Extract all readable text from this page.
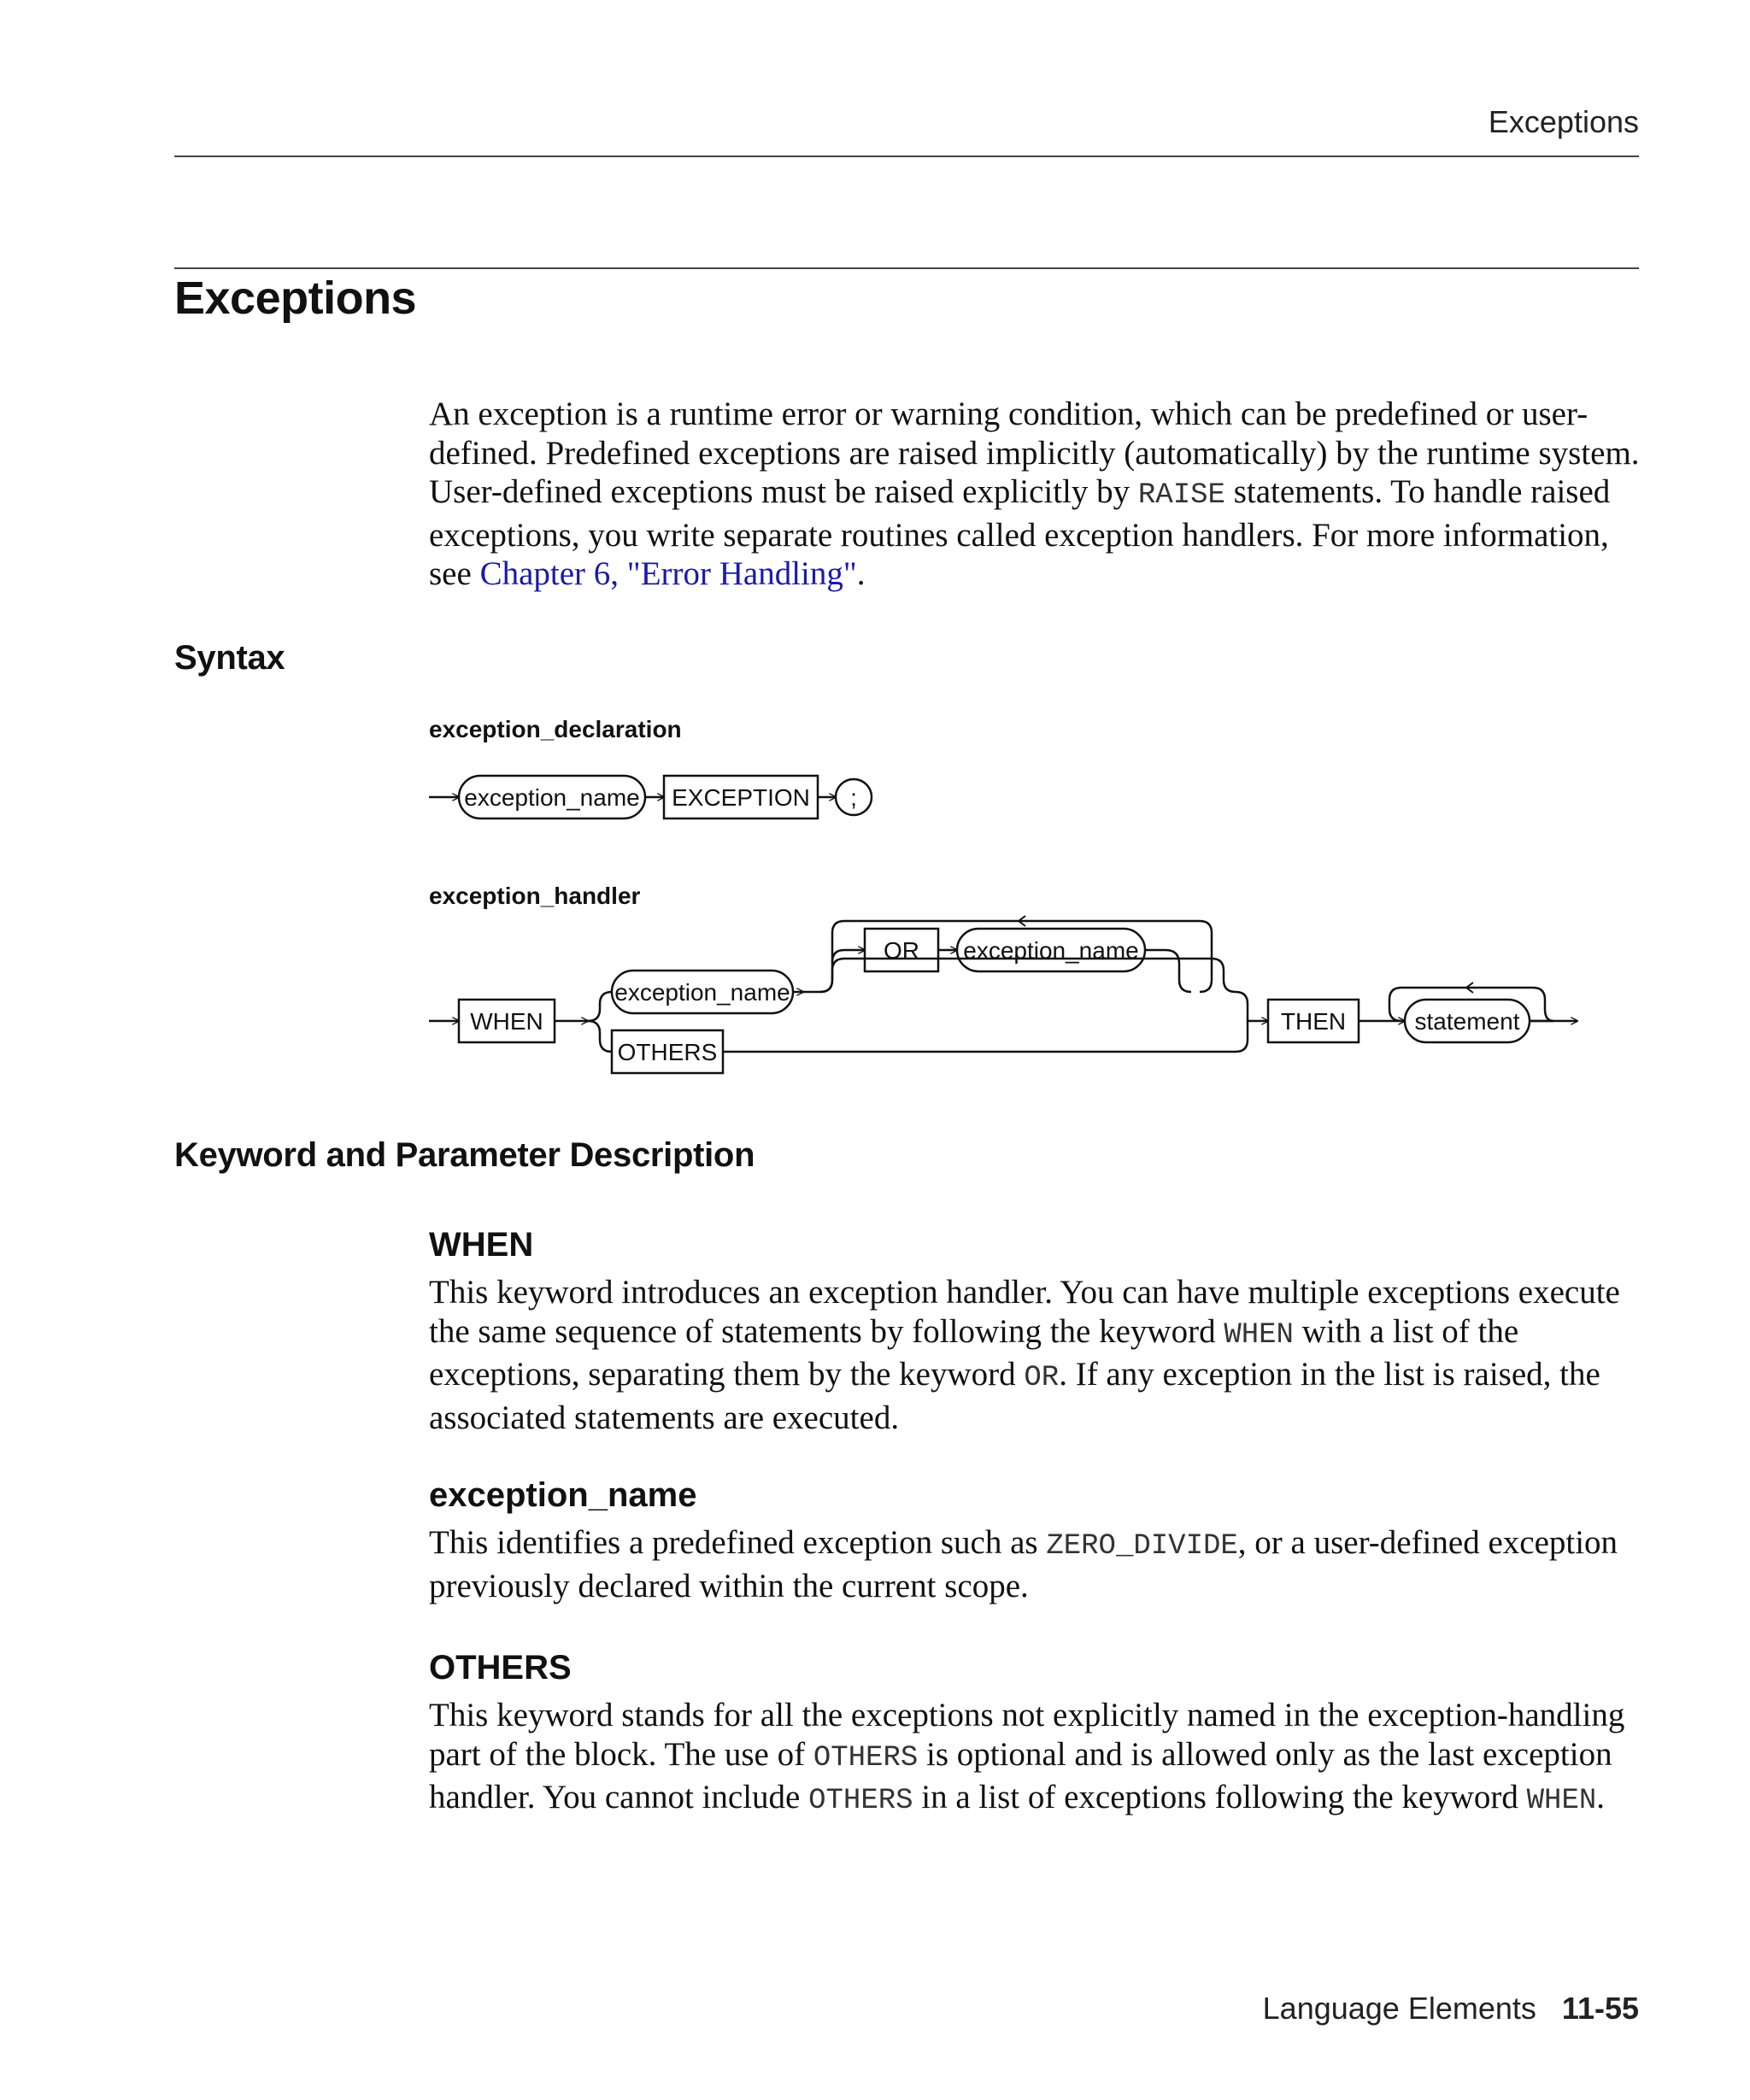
Exceptions
Exceptions

An exception is a runtime error or warning condition, which can be predefined or user-defined. Predefined exceptions are raised implicitly (automatically) by the runtime system. User-defined exceptions must be raised explicitly by RAISE statements. To handle raised exceptions, you write separate routines called exception handlers. For more information, see Chapter 6, "Error Handling".

Syntax
exception_declaration
exception_handler
exception_name EXCEPTION ;
WHEN
exception_name
OTHERS
OR exception_name
THEN	statement
Keyword and Parameter Description
WHEN

This keyword introduces an exception handler. You can have multiple exceptions execute the same sequence of statements by following the keyword WHEN with a list of the exceptions, separating them by the keyword OR. If any exception in the list is raised, the associated statements are executed.

exception_name

This identifies a predefined exception such as ZERO_DIVIDE, or a user-defined exception previously declared within the current scope.

OTHERS

This keyword stands for all the exceptions not explicitly named in the exception-handling part of the block. The use of OTHERS is optional and is allowed only as the last exception handler. You cannot include OTHERS in a list of exceptions following the keyword WHEN.

Language Elements 11-55
